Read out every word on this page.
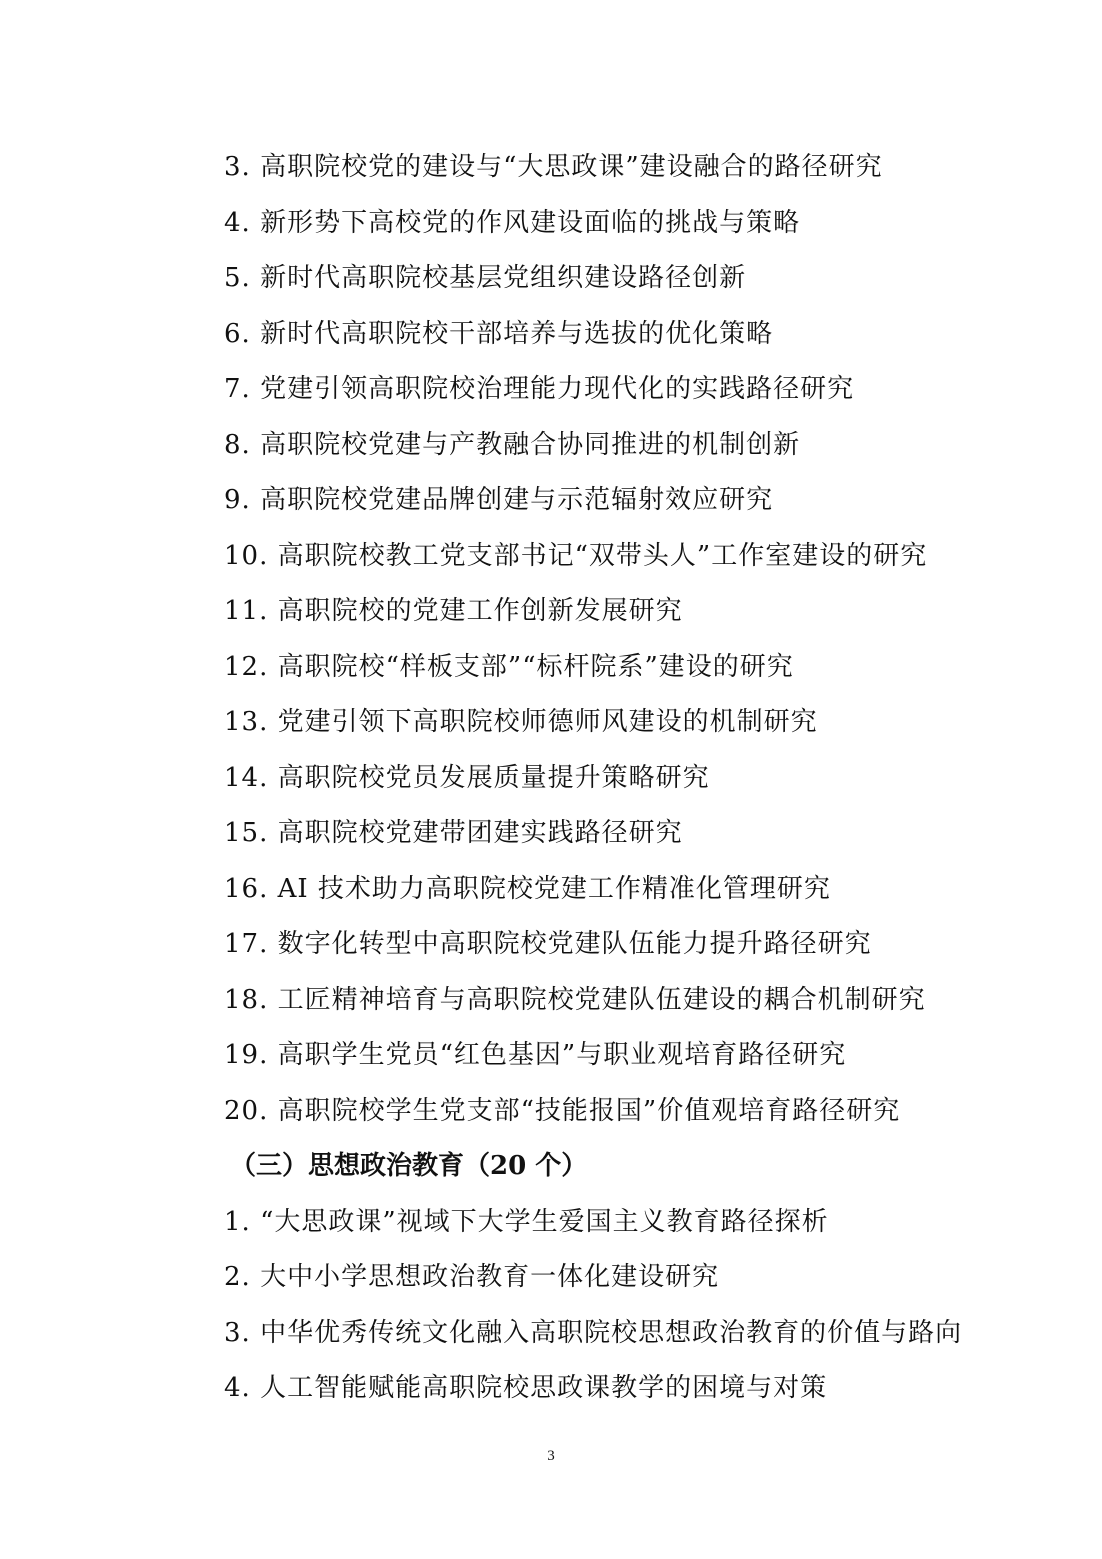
3. 高职院校党的建设与“大思政课”建设融合的路径研究
4. 新形势下高校党的作风建设面临的挑战与策略
5. 新时代高职院校基层党组织建设路径创新
6. 新时代高职院校干部培养与选拔的优化策略
7. 党建引领高职院校治理能力现代化的实践路径研究
8. 高职院校党建与产教融合协同推进的机制创新
9. 高职院校党建品牌创建与示范辐射效应研究
10. 高职院校教工党支部书记“双带头人”工作室建设的研究
11. 高职院校的党建工作创新发展研究
12. 高职院校“样板支部”“标杆院系”建设的研究
13. 党建引领下高职院校师德师风建设的机制研究
14. 高职院校党员发展质量提升策略研究
15. 高职院校党建带团建实践路径研究
16. AI 技术助力高职院校党建工作精准化管理研究
17. 数字化转型中高职院校党建队伍能力提升路径研究
18. 工匠精神培育与高职院校党建队伍建设的耦合机制研究
19. 高职学生党员“红色基因”与职业观培育路径研究
20. 高职院校学生党支部“技能报国”价值观培育路径研究
（三）思想政治教育（20 个）
1. “大思政课”视域下大学生爱国主义教育路径探析
2. 大中小学思想政治教育一体化建设研究
3. 中华优秀传统文化融入高职院校思想政治教育的价值与路向
4. 人工智能赋能高职院校思政课教学的困境与对策
3
